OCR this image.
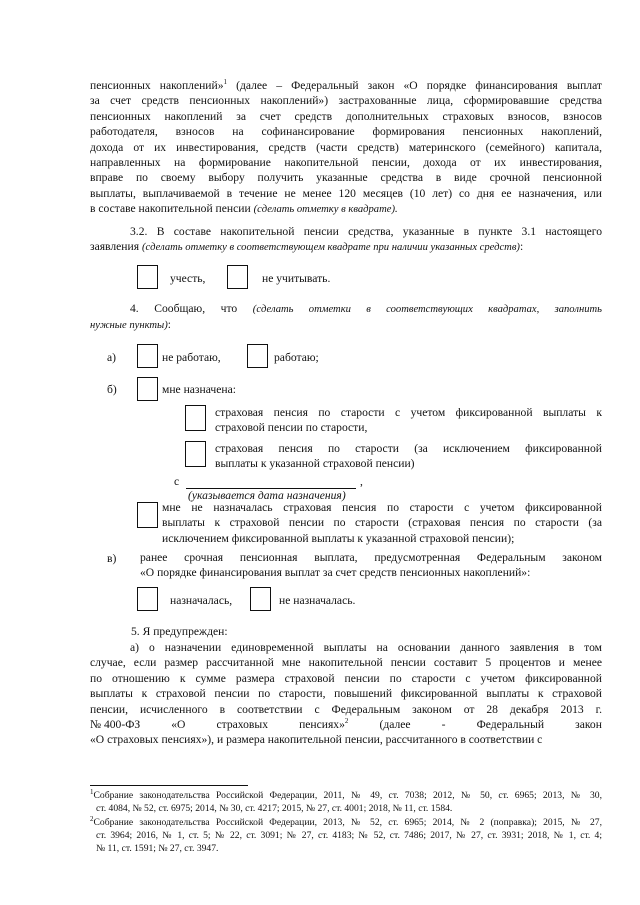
пенсионных накоплений»$^1$ (далее – Федеральный закон «О порядке финансирования выплат
за счет средств пенсионных накоплений») застрахованные лица, сформировавшие средства
пенсионных накоплений за счет средств дополнительных страховых взносов, взносов
работодателя, взносов на софинансирование формирования пенсионных накоплений,
дохода от их инвестирования, средств (части средств) материнского (семейного) капитала,
направленных на формирование накопительной пенсии, дохода от их инвестирования,
вправе по своему выбору получить указанные средства в виде срочной пенсионной
выплаты, выплачиваемой в течение не менее 120 месяцев (10 лет) со дня ее назначения, или
в составе накопительной пенсии (сделать отметку в квадрате).
3.2. В составе накопительной пенсии средства, указанные в пункте 3.1 настоящего
заявления (сделать отметку в соответствующем квадрате при наличии указанных средств):

учесть,	не учитывать.

4. Сообщаю, что (сделать отметки в соответствующих квадратах, заполнить
нужные пункты):

а)	не работаю,	работаю;

б)	мне назначена:

страховая пенсия по старости с учетом фиксированной выплаты к
страховой пенсии по старости,
страховая пенсия по старости (за исключением фиксированной
выплаты к указанной страховой пенсии)

с	,

(указывается дата назначения)

мне не назначалась страховая пенсия по старости с учетом фиксированной
выплаты к страховой пенсии по старости (страховая пенсия по старости (за
исключением фиксированной выплаты к указанной страховой пенсии);

в) ранее срочная пенсионная выплата, предусмотренная Федеральным законом
«О порядке финансирования выплат за счет средств пенсионных накоплений»:

назначалась,	не назначалась.

5. Я предупрежден:

а) о назначении единовременной выплаты на основании данного заявления в том
случае, если размер рассчитанной мне накопительной пенсии составит 5 процентов и менее
по отношению к сумме размера страховой пенсии по старости с учетом фиксированной
выплаты к страховой пенсии по старости, повышений фиксированной выплаты к страховой
пенсии, исчисленного в соответствии с Федеральным законом от 28 декабря 2013 г.
№ 400-ФЗ	«О	страховых	пенсиях»$^2$	(далее	-	Федеральный	закон
«О страховых пенсиях»), и размера накопительной пенсии, рассчитанного в соответствии с
$^1$Собрание законодательства Российской Федерации, 2011, № 49, ст. 7038; 2012, № 50, ст. 6965; 2013, № 30,
ст. 4084, № 52, ст. 6975; 2014, № 30, ст. 4217; 2015, № 27, ст. 4001; 2018, № 11, ст. 1584.
$^2$Собрание законодательства Российской Федерации, 2013, № 52, ст. 6965; 2014, № 2 (поправка); 2015, № 27,
ст. 3964; 2016, № 1, ст. 5; № 22, ст. 3091; № 27, ст. 4183; № 52, ст. 7486; 2017, № 27, ст. 3931; 2018, № 1, ст. 4;
№ 11, ст. 1591; № 27, ст. 3947.
